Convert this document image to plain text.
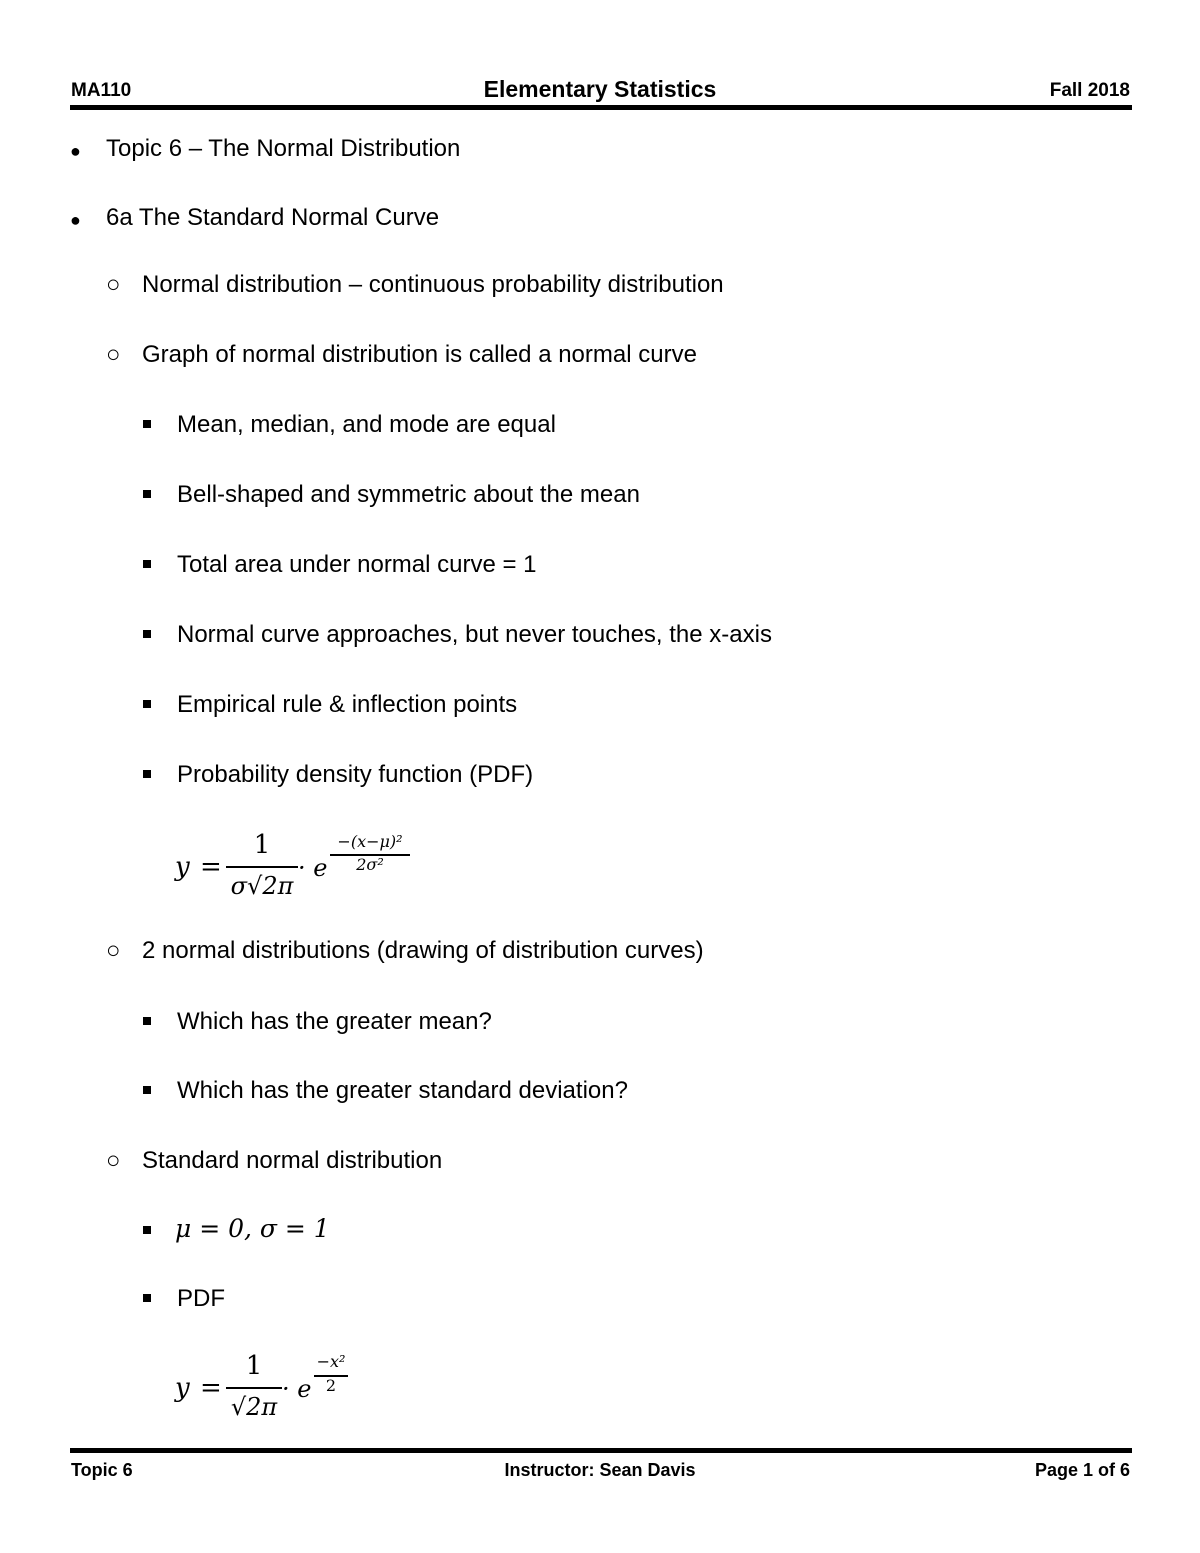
MA110	Elementary Statistics	Fall 2018
● Topic 6 – The Normal Distribution
● 6a The Standard Normal Curve
○ Normal distribution – continuous probability distribution
○ Graph of normal distribution is called a normal curve
Mean, median, and mode are equal
Bell-shaped and symmetric about the mean
Total area under normal curve = 1
Normal curve approaches, but never touches, the x-axis
Empirical rule & inflection points
Probability density function (PDF)
y =
1
σ√2π
· e
−(x−μ)²
2σ²
○ 2 normal distributions (drawing of distribution curves)
Which has the greater mean?
Which has the greater standard deviation?
○ Standard normal distribution
μ = 0, σ = 1
PDF
y =
1
√2π
· e
−x²
2
Topic 6	Instructor: Sean Davis	Page 1 of 6
